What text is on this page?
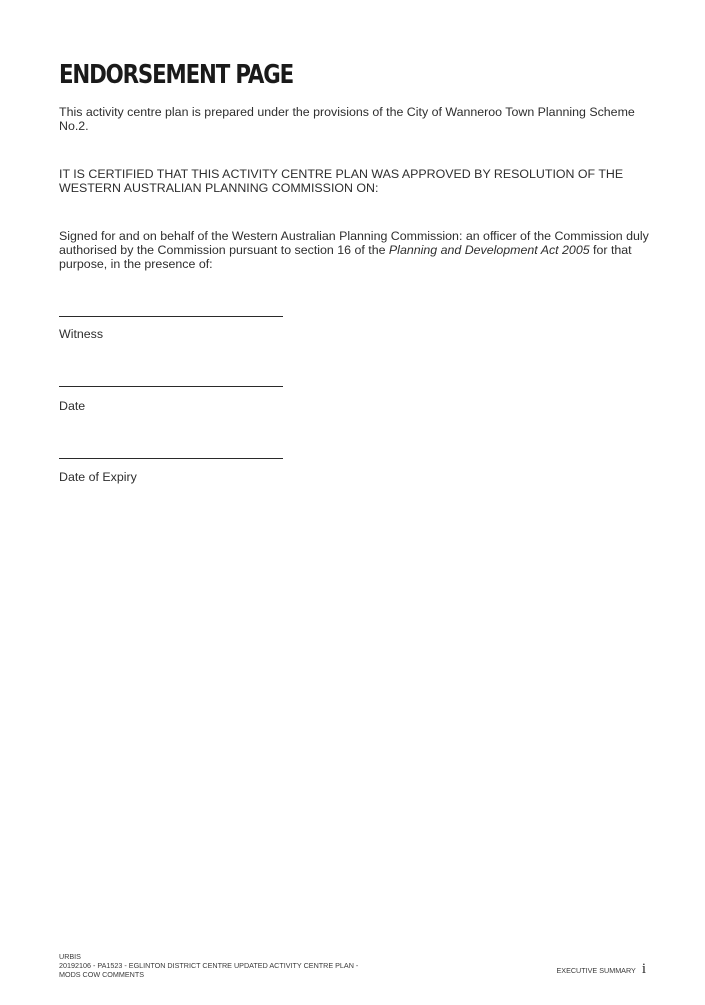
ENDORSEMENT PAGE

This activity centre plan is prepared under the provisions of the City of Wanneroo Town Planning Scheme No.2.

IT IS CERTIFIED THAT THIS ACTIVITY CENTRE PLAN WAS APPROVED BY RESOLUTION OF THE WESTERN AUSTRALIAN PLANNING COMMISSION ON:

Signed for and on behalf of the Western Australian Planning Commission: an officer of the Commission duly authorised by the Commission pursuant to section 16 of the Planning and Development Act 2005 for that purpose, in the presence of:

Witness

Date

Date of Expiry

URBIS
20192106 - PA1523 - EGLINTON DISTRICT CENTRE UPDATED ACTIVITY CENTRE PLAN - MODS COW COMMENTS	EXECUTIVE SUMMARY i
